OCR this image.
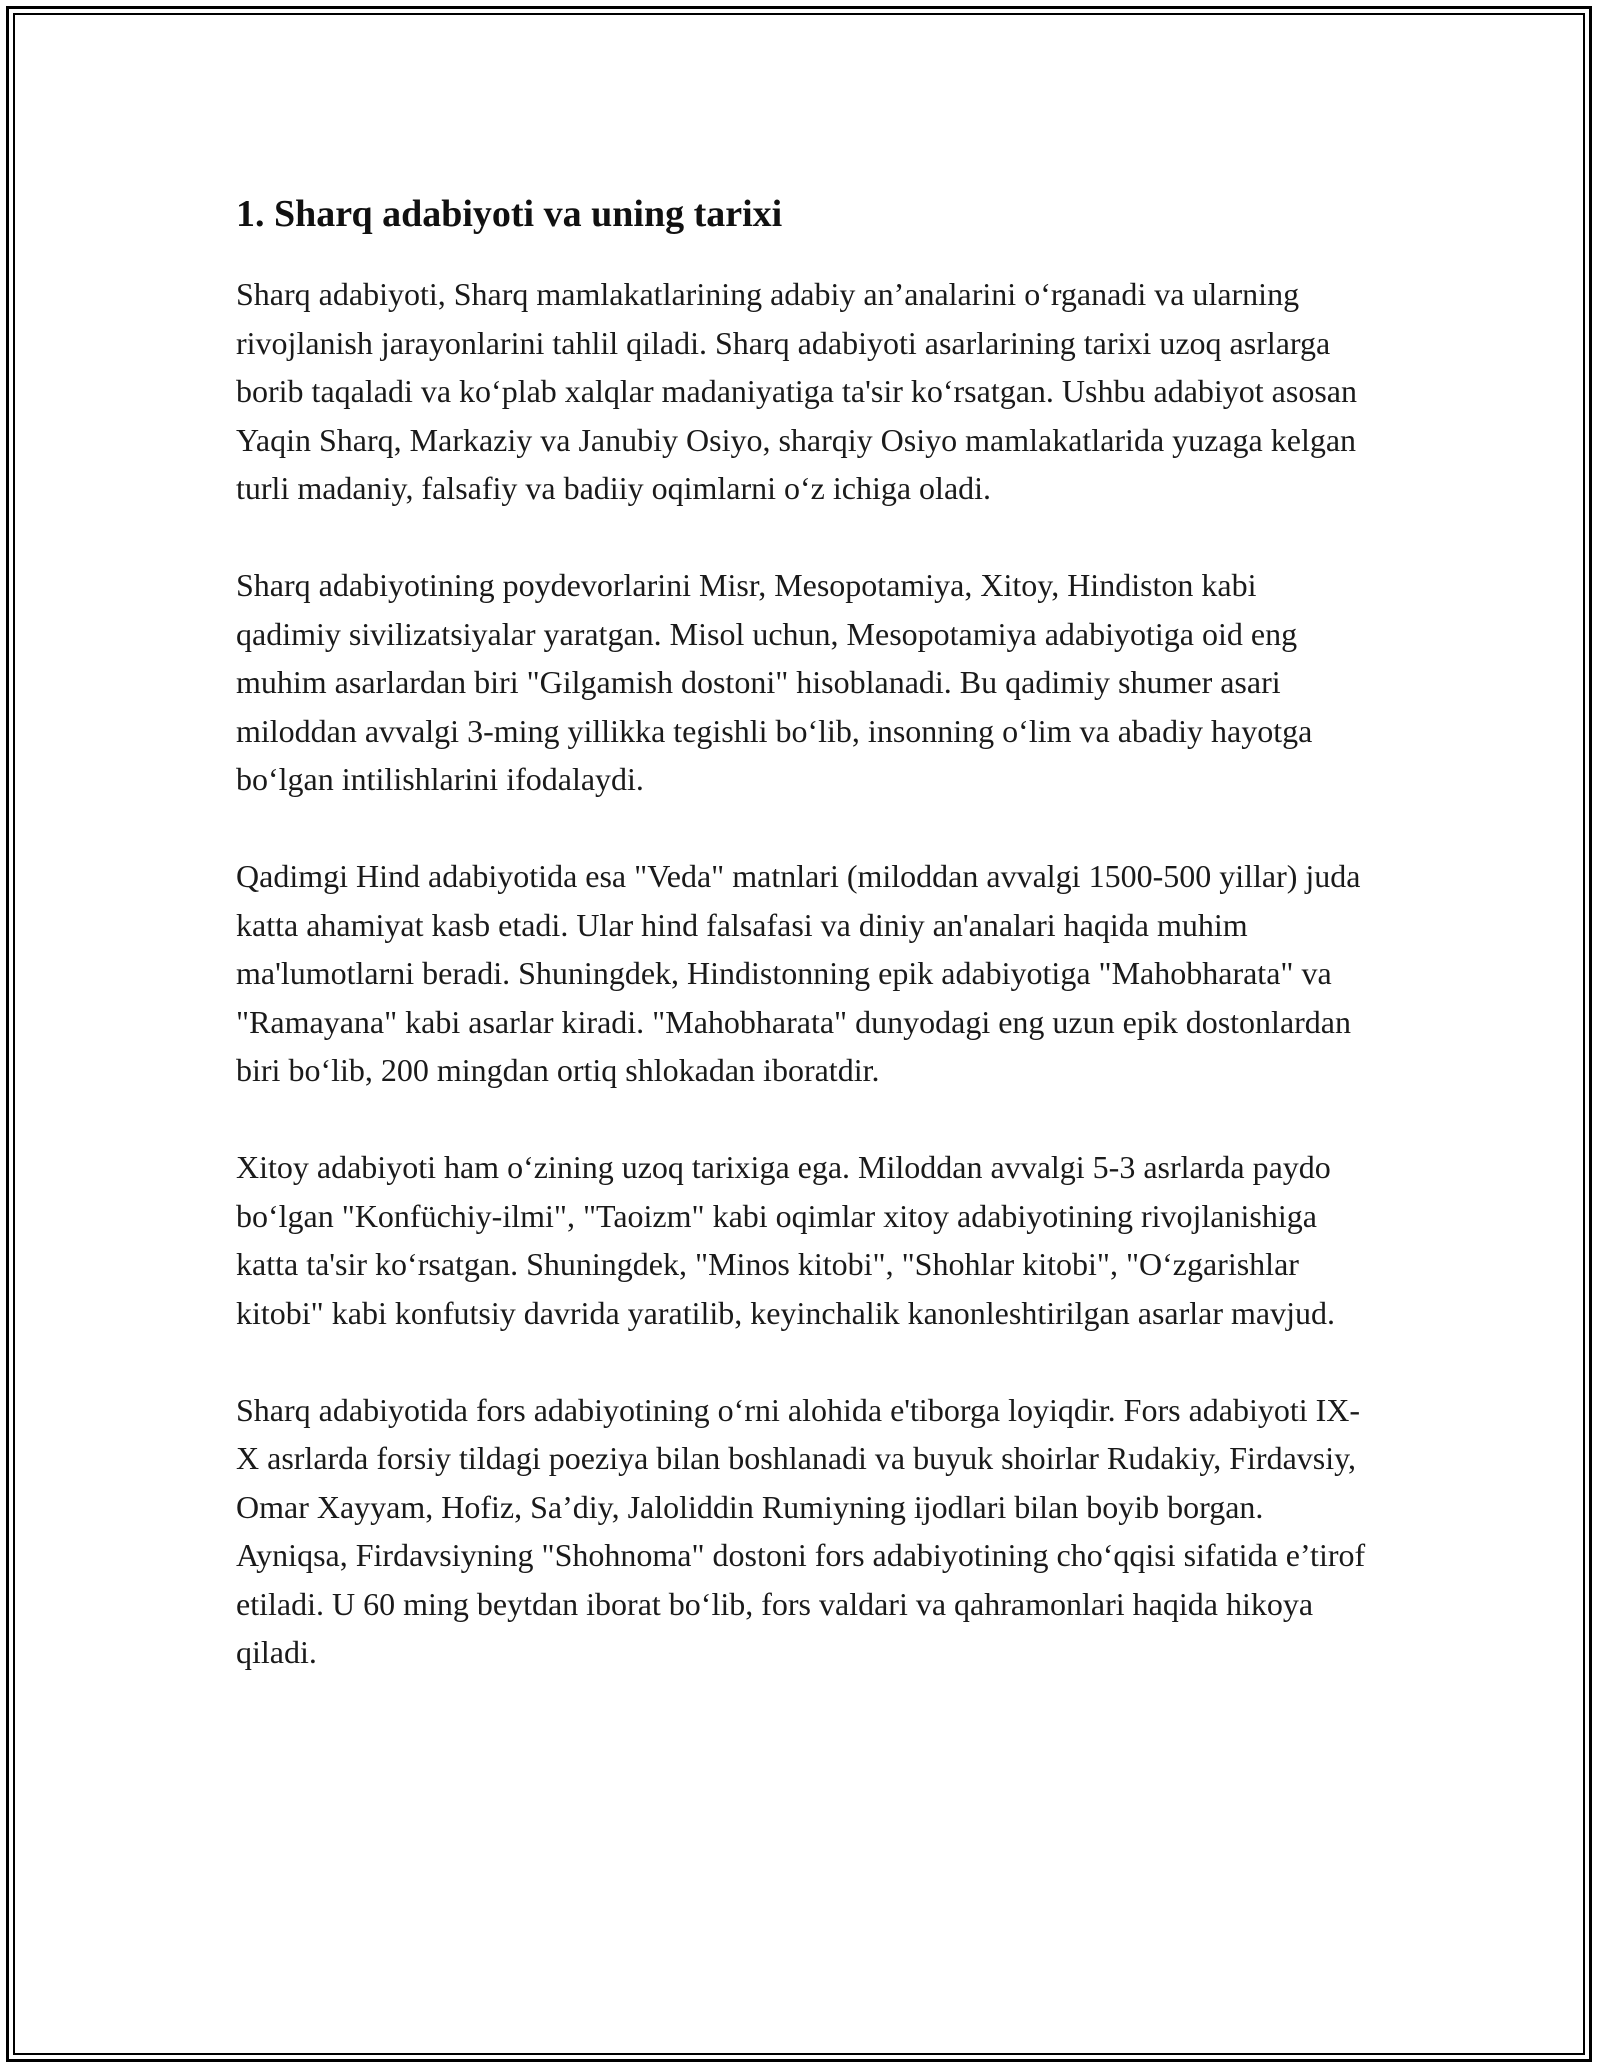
1. Sharq adabiyoti va uning tarixi

Sharq adabiyoti, Sharq mamlakatlarining adabiy an’analarini o‘rganadi va ularning rivojlanish jarayonlarini tahlil qiladi. Sharq adabiyoti asarlarining tarixi uzoq asrlarga borib taqaladi va ko‘plab xalqlar madaniyatiga ta'sir ko‘rsatgan. Ushbu adabiyot asosan Yaqin Sharq, Markaziy va Janubiy Osiyo, sharqiy Osiyo mamlakatlarida yuzaga kelgan turli madaniy, falsafiy va badiiy oqimlarni o‘z ichiga oladi.

Sharq adabiyotining poydevorlarini Misr, Mesopotamiya, Xitoy, Hindiston kabi qadimiy sivilizatsiyalar yaratgan. Misol uchun, Mesopotamiya adabiyotiga oid eng muhim asarlardan biri "Gilgamish dostoni" hisoblanadi. Bu qadimiy shumer asari miloddan avvalgi 3-ming yillikka tegishli bo‘lib, insonning o‘lim va abadiy hayotga bo‘lgan intilishlarini ifodalaydi.

Qadimgi Hind adabiyotida esa "Veda" matnlari (miloddan avvalgi 1500-500 yillar) juda katta ahamiyat kasb etadi. Ular hind falsafasi va diniy an'analari haqida muhim ma'lumotlarni beradi. Shuningdek, Hindistonning epik adabiyotiga "Mahobharata" va "Ramayana" kabi asarlar kiradi. "Mahobharata" dunyodagi eng uzun epik dostonlardan biri bo‘lib, 200 mingdan ortiq shlokadan iboratdir.

Xitoy adabiyoti ham o‘zining uzoq tarixiga ega. Miloddan avvalgi 5-3 asrlarda paydo bo‘lgan "Konfüchiy-ilmi", "Taoizm" kabi oqimlar xitoy adabiyotining rivojlanishiga katta ta'sir ko‘rsatgan. Shuningdek, "Minos kitobi", "Shohlar kitobi", "O‘zgarishlar kitobi" kabi konfutsiy davrida yaratilib, keyinchalik kanonleshtirilgan asarlar mavjud.

Sharq adabiyotida fors adabiyotining o‘rni alohida e'tiborga loyiqdir. Fors adabiyoti IX-X asrlarda forsiy tildagi poeziya bilan boshlanadi va buyuk shoirlar Rudakiy, Firdavsiy, Omar Xayyam, Hofiz, Sa’diy, Jaloliddin Rumiyning ijodlari bilan boyib borgan. Ayniqsa, Firdavsiyning "Shohnoma" dostoni fors adabiyotining cho‘qqisi sifatida e’tirof etiladi. U 60 ming beytdan iborat bo‘lib, fors valdari va qahramonlari haqida hikoya qiladi.
